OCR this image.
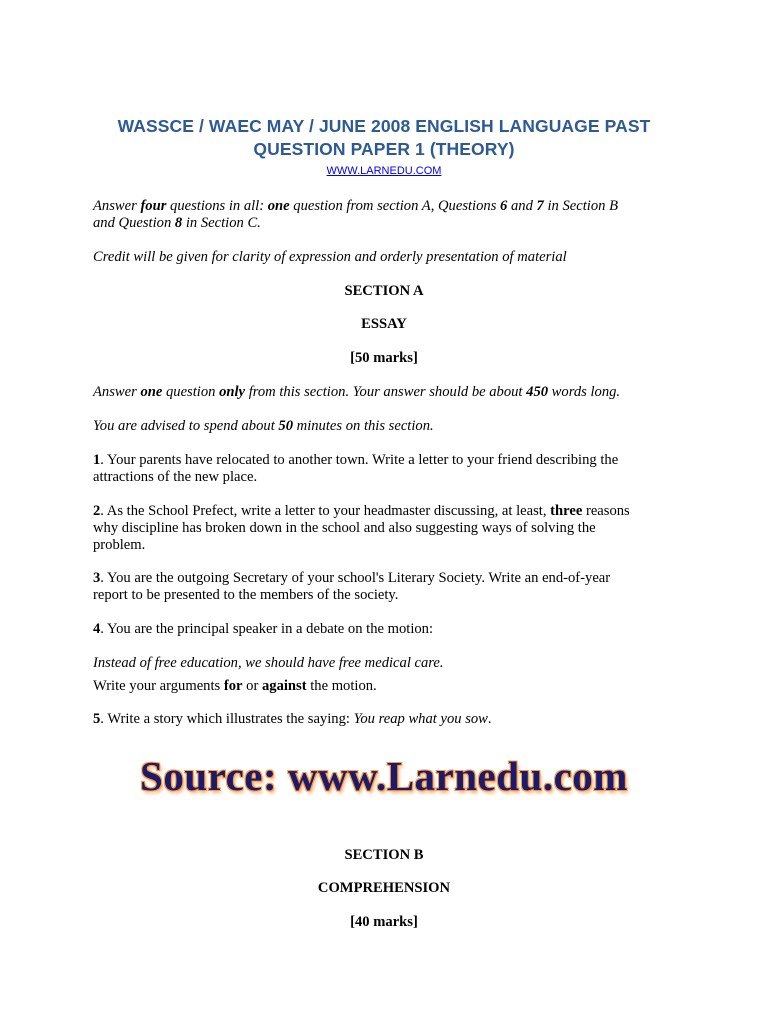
WASSCE / WAEC MAY / JUNE 2008 ENGLISH LANGUAGE PAST
QUESTION PAPER 1 (THEORY)
WWW.LARNEDU.COM
Answer four questions in all: one question from section A, Questions 6 and 7 in Section B
and Question 8 in Section C.
Credit will be given for clarity of expression and orderly presentation of material
SECTION A
ESSAY
[50 marks]
Answer one question only from this section. Your answer should be about 450 words long.
You are advised to spend about 50 minutes on this section.
1. Your parents have relocated to another town. Write a letter to your friend describing the
attractions of the new place.
2. As the School Prefect, write a letter to your headmaster discussing, at least, three reasons
why discipline has broken down in the school and also suggesting ways of solving the
problem.
3. You are the outgoing Secretary of your school's Literary Society. Write an end-of-year
report to be presented to the members of the society.
4. You are the principal speaker in a debate on the motion:
Instead of free education, we should have free medical care.
Write your arguments for or against the motion.
5. Write a story which illustrates the saying: You reap what you sow.
Source: www.Larnedu.com
SECTION B
COMPREHENSION
[40 marks]
